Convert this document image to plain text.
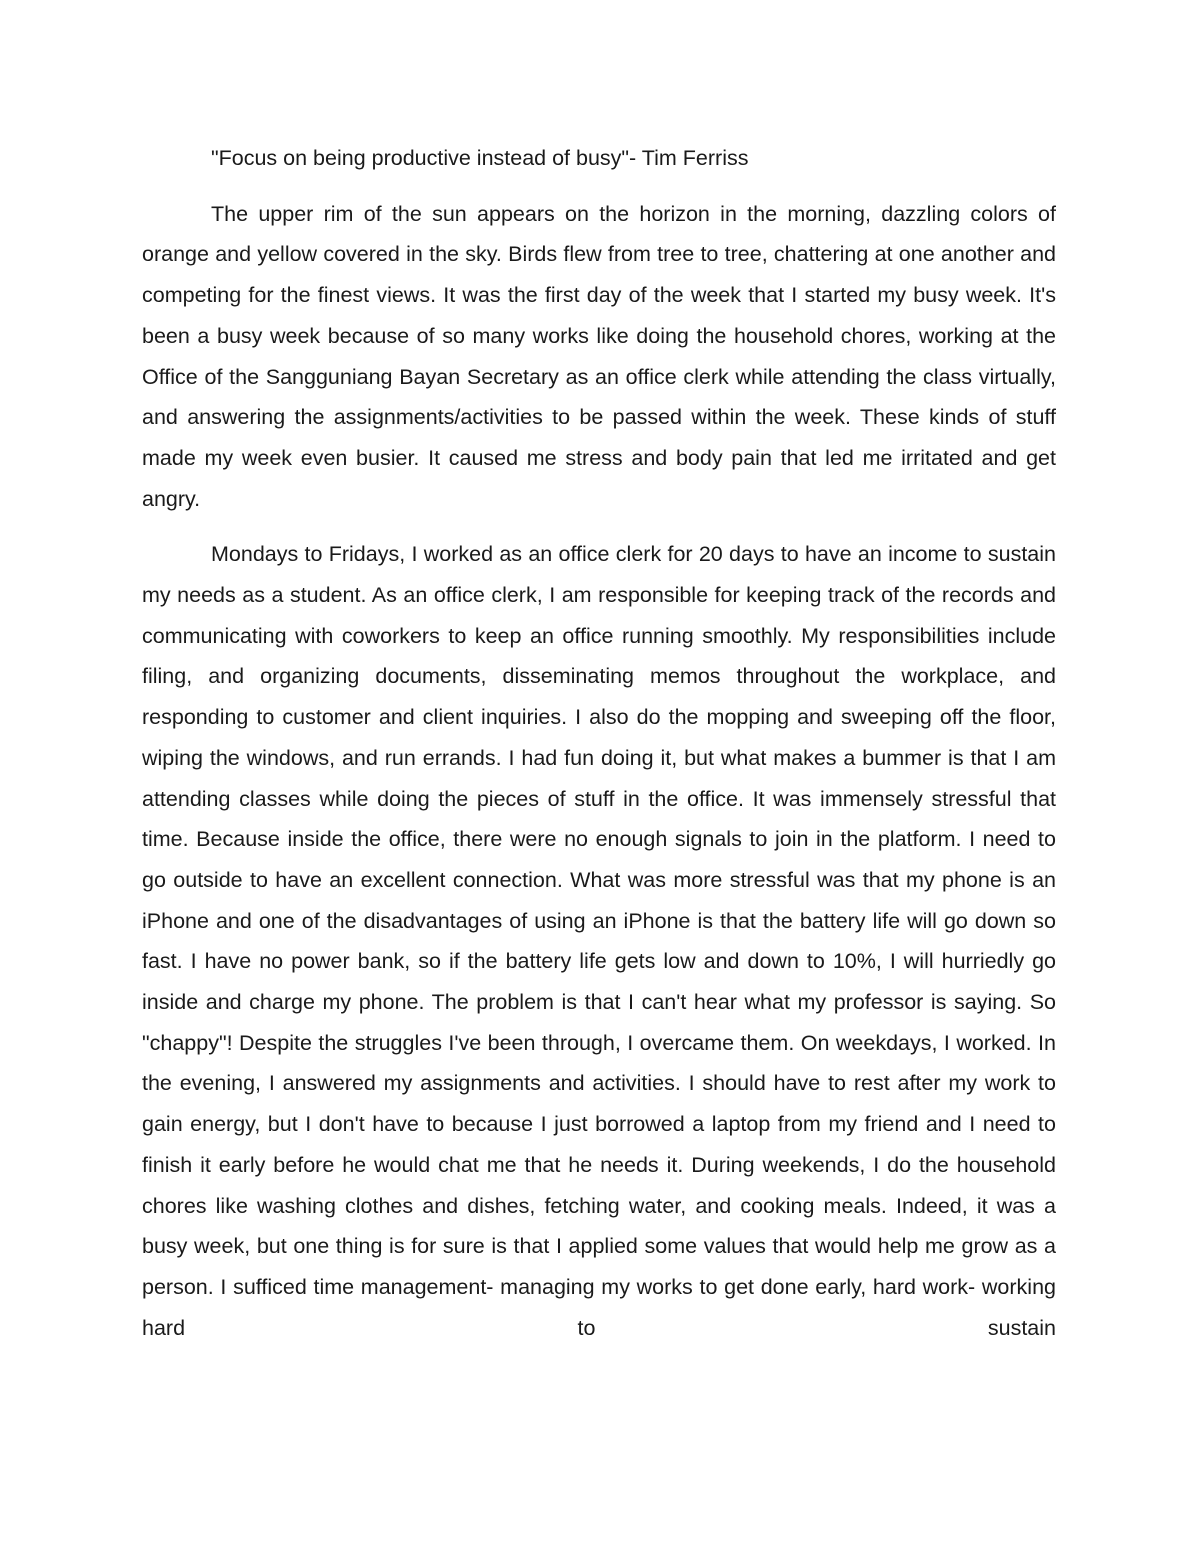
"Focus on being productive instead of busy"- Tim Ferriss

The upper rim of the sun appears on the horizon in the morning, dazzling colors of orange and yellow covered in the sky. Birds flew from tree to tree, chattering at one another and competing for the finest views. It was the first day of the week that I started my busy week. It's been a busy week because of so many works like doing the household chores, working at the Office of the Sangguniang Bayan Secretary as an office clerk while attending the class virtually, and answering the assignments/activities to be passed within the week. These kinds of stuff made my week even busier. It caused me stress and body pain that led me irritated and get angry.

Mondays to Fridays, I worked as an office clerk for 20 days to have an income to sustain my needs as a student. As an office clerk, I am responsible for keeping track of the records and communicating with coworkers to keep an office running smoothly. My responsibilities include filing, and organizing documents, disseminating memos throughout the workplace, and responding to customer and client inquiries. I also do the mopping and sweeping off the floor, wiping the windows, and run errands. I had fun doing it, but what makes a bummer is that I am attending classes while doing the pieces of stuff in the office. It was immensely stressful that time. Because inside the office, there were no enough signals to join in the platform. I need to go outside to have an excellent connection. What was more stressful was that my phone is an iPhone and one of the disadvantages of using an iPhone is that the battery life will go down so fast. I have no power bank, so if the battery life gets low and down to 10%, I will hurriedly go inside and charge my phone. The problem is that I can't hear what my professor is saying. So "chappy"! Despite the struggles I've been through, I overcame them. On weekdays, I worked. In the evening, I answered my assignments and activities. I should have to rest after my work to gain energy, but I don't have to because I just borrowed a laptop from my friend and I need to finish it early before he would chat me that he needs it. During weekends, I do the household chores like washing clothes and dishes, fetching water, and cooking meals. Indeed, it was a busy week, but one thing is for sure is that I applied some values that would help me grow as a person. I sufficed time management- managing my works to get done early, hard work- working hard to sustain
